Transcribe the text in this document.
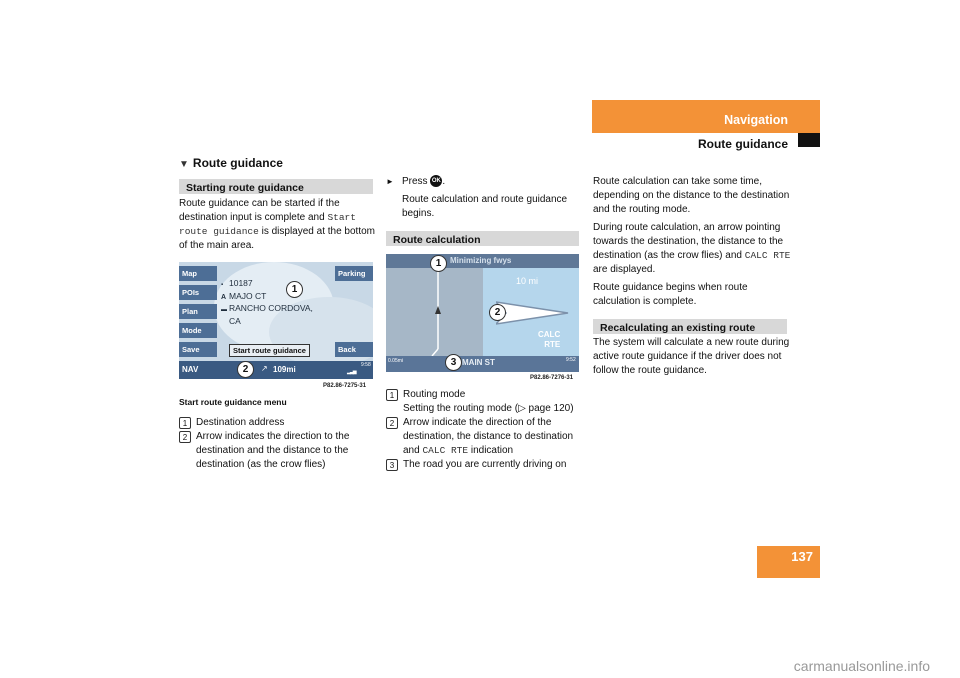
Navigation
Route guidance
▼ Route guidance
Starting route guidance
Route guidance can be started if the destination input is complete and Start route guidance is displayed at the bottom of the main area.
Map
POIs
Plan
Mode
Save
Parking
Back
▪ 10187
A MAJO CT
▬ RANCHO CORDOVA,
CA
1
Start route guidance
NAV	↗ 109mi	9:58
▂▃▅
2
P82.86-7275-31
Start route guidance menu
1 Destination address
2 Arrow indicates the direction to the destination and the distance to the destination (as the crow flies)
► Press OK .
Route calculation and route guidance begins.
Route calculation
Minimizing fwys
10 mi
CALC
RTE
MAIN ST
0.05mi	9:52
1
2
3
P82.86-7276-31
1 Routing mode
Setting the routing mode (▷ page 120)
2 Arrow indicate the direction of the destination, the distance to destination and CALC RTE indication
3 The road you are currently driving on
Route calculation can take some time, depending on the distance to the destination and the routing mode.
During route calculation, an arrow pointing towards the destination, the distance to the destination (as the crow flies) and CALC RTE are displayed.
Route guidance begins when route calculation is complete.
Recalculating an existing route
The system will calculate a new route during active route guidance if the driver does not follow the route guidance.
137
carmanualsonline.info
